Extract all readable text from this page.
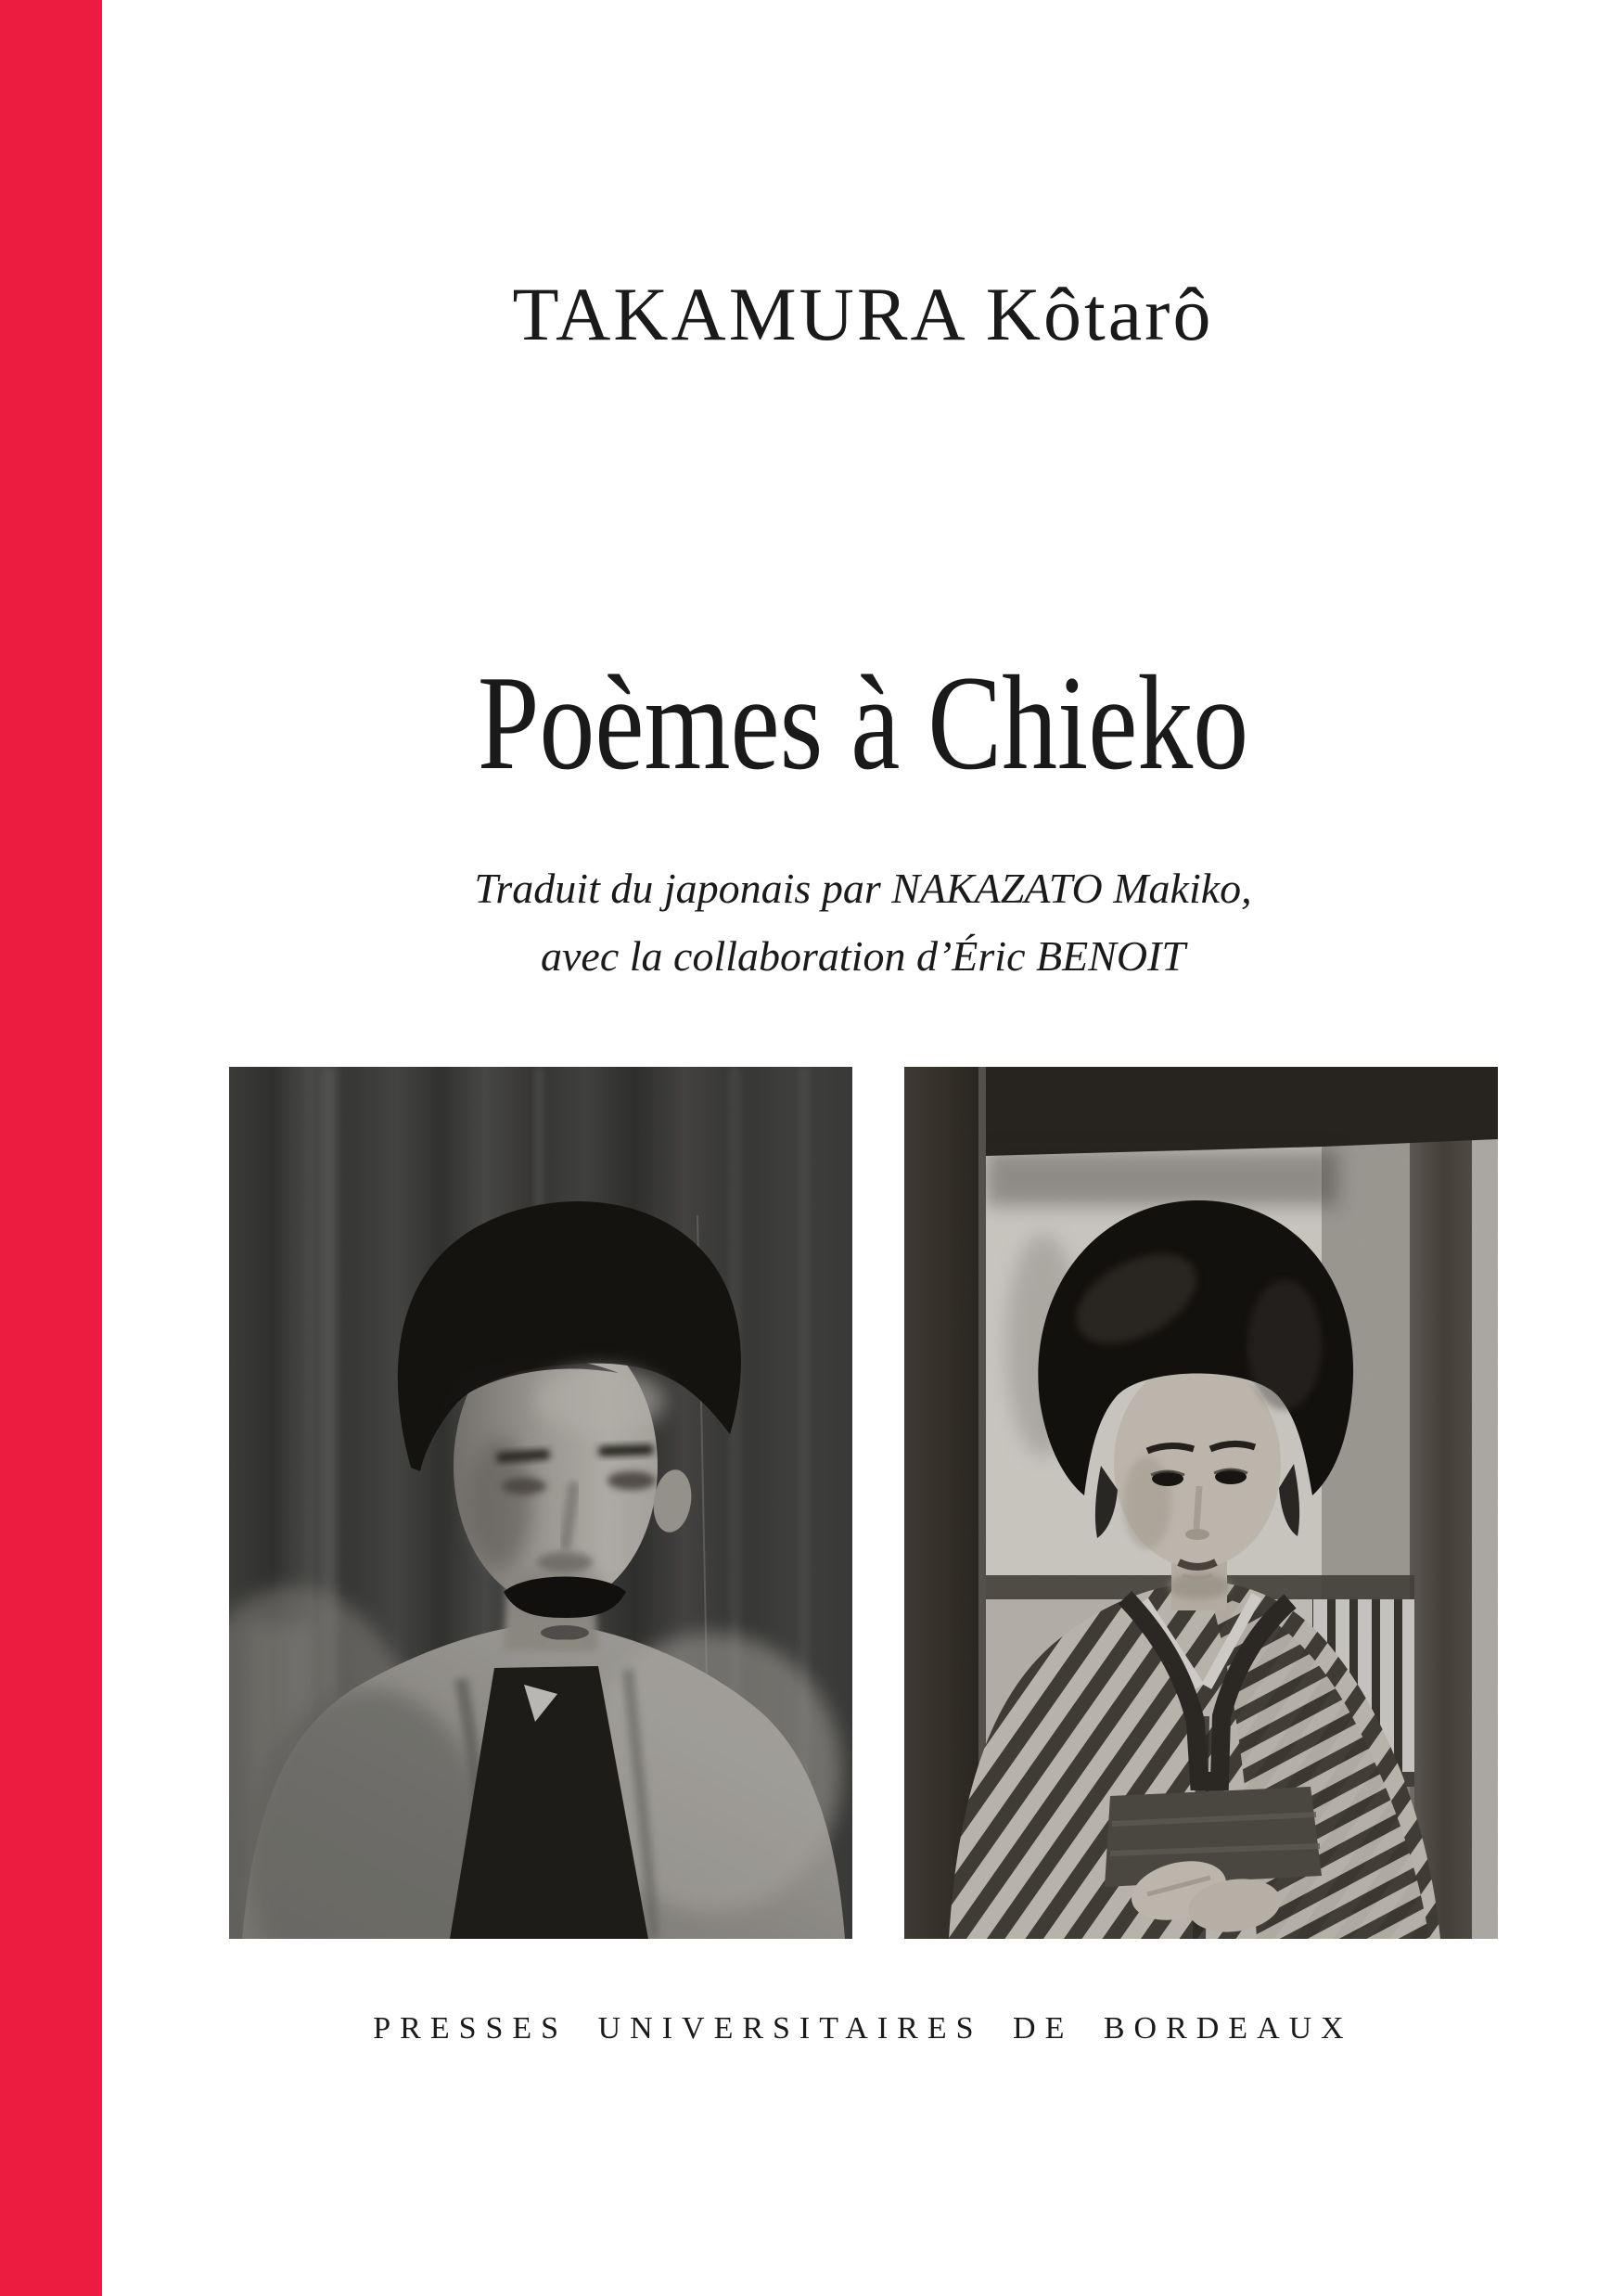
TAKAMURA Kôtarô
Poèmes à Chieko
Traduit du japonais par NAKAZATO Makiko,
avec la collaboration d’Éric BENOIT
PRESSES UNIVERSITAIRES DE BORDEAUX
